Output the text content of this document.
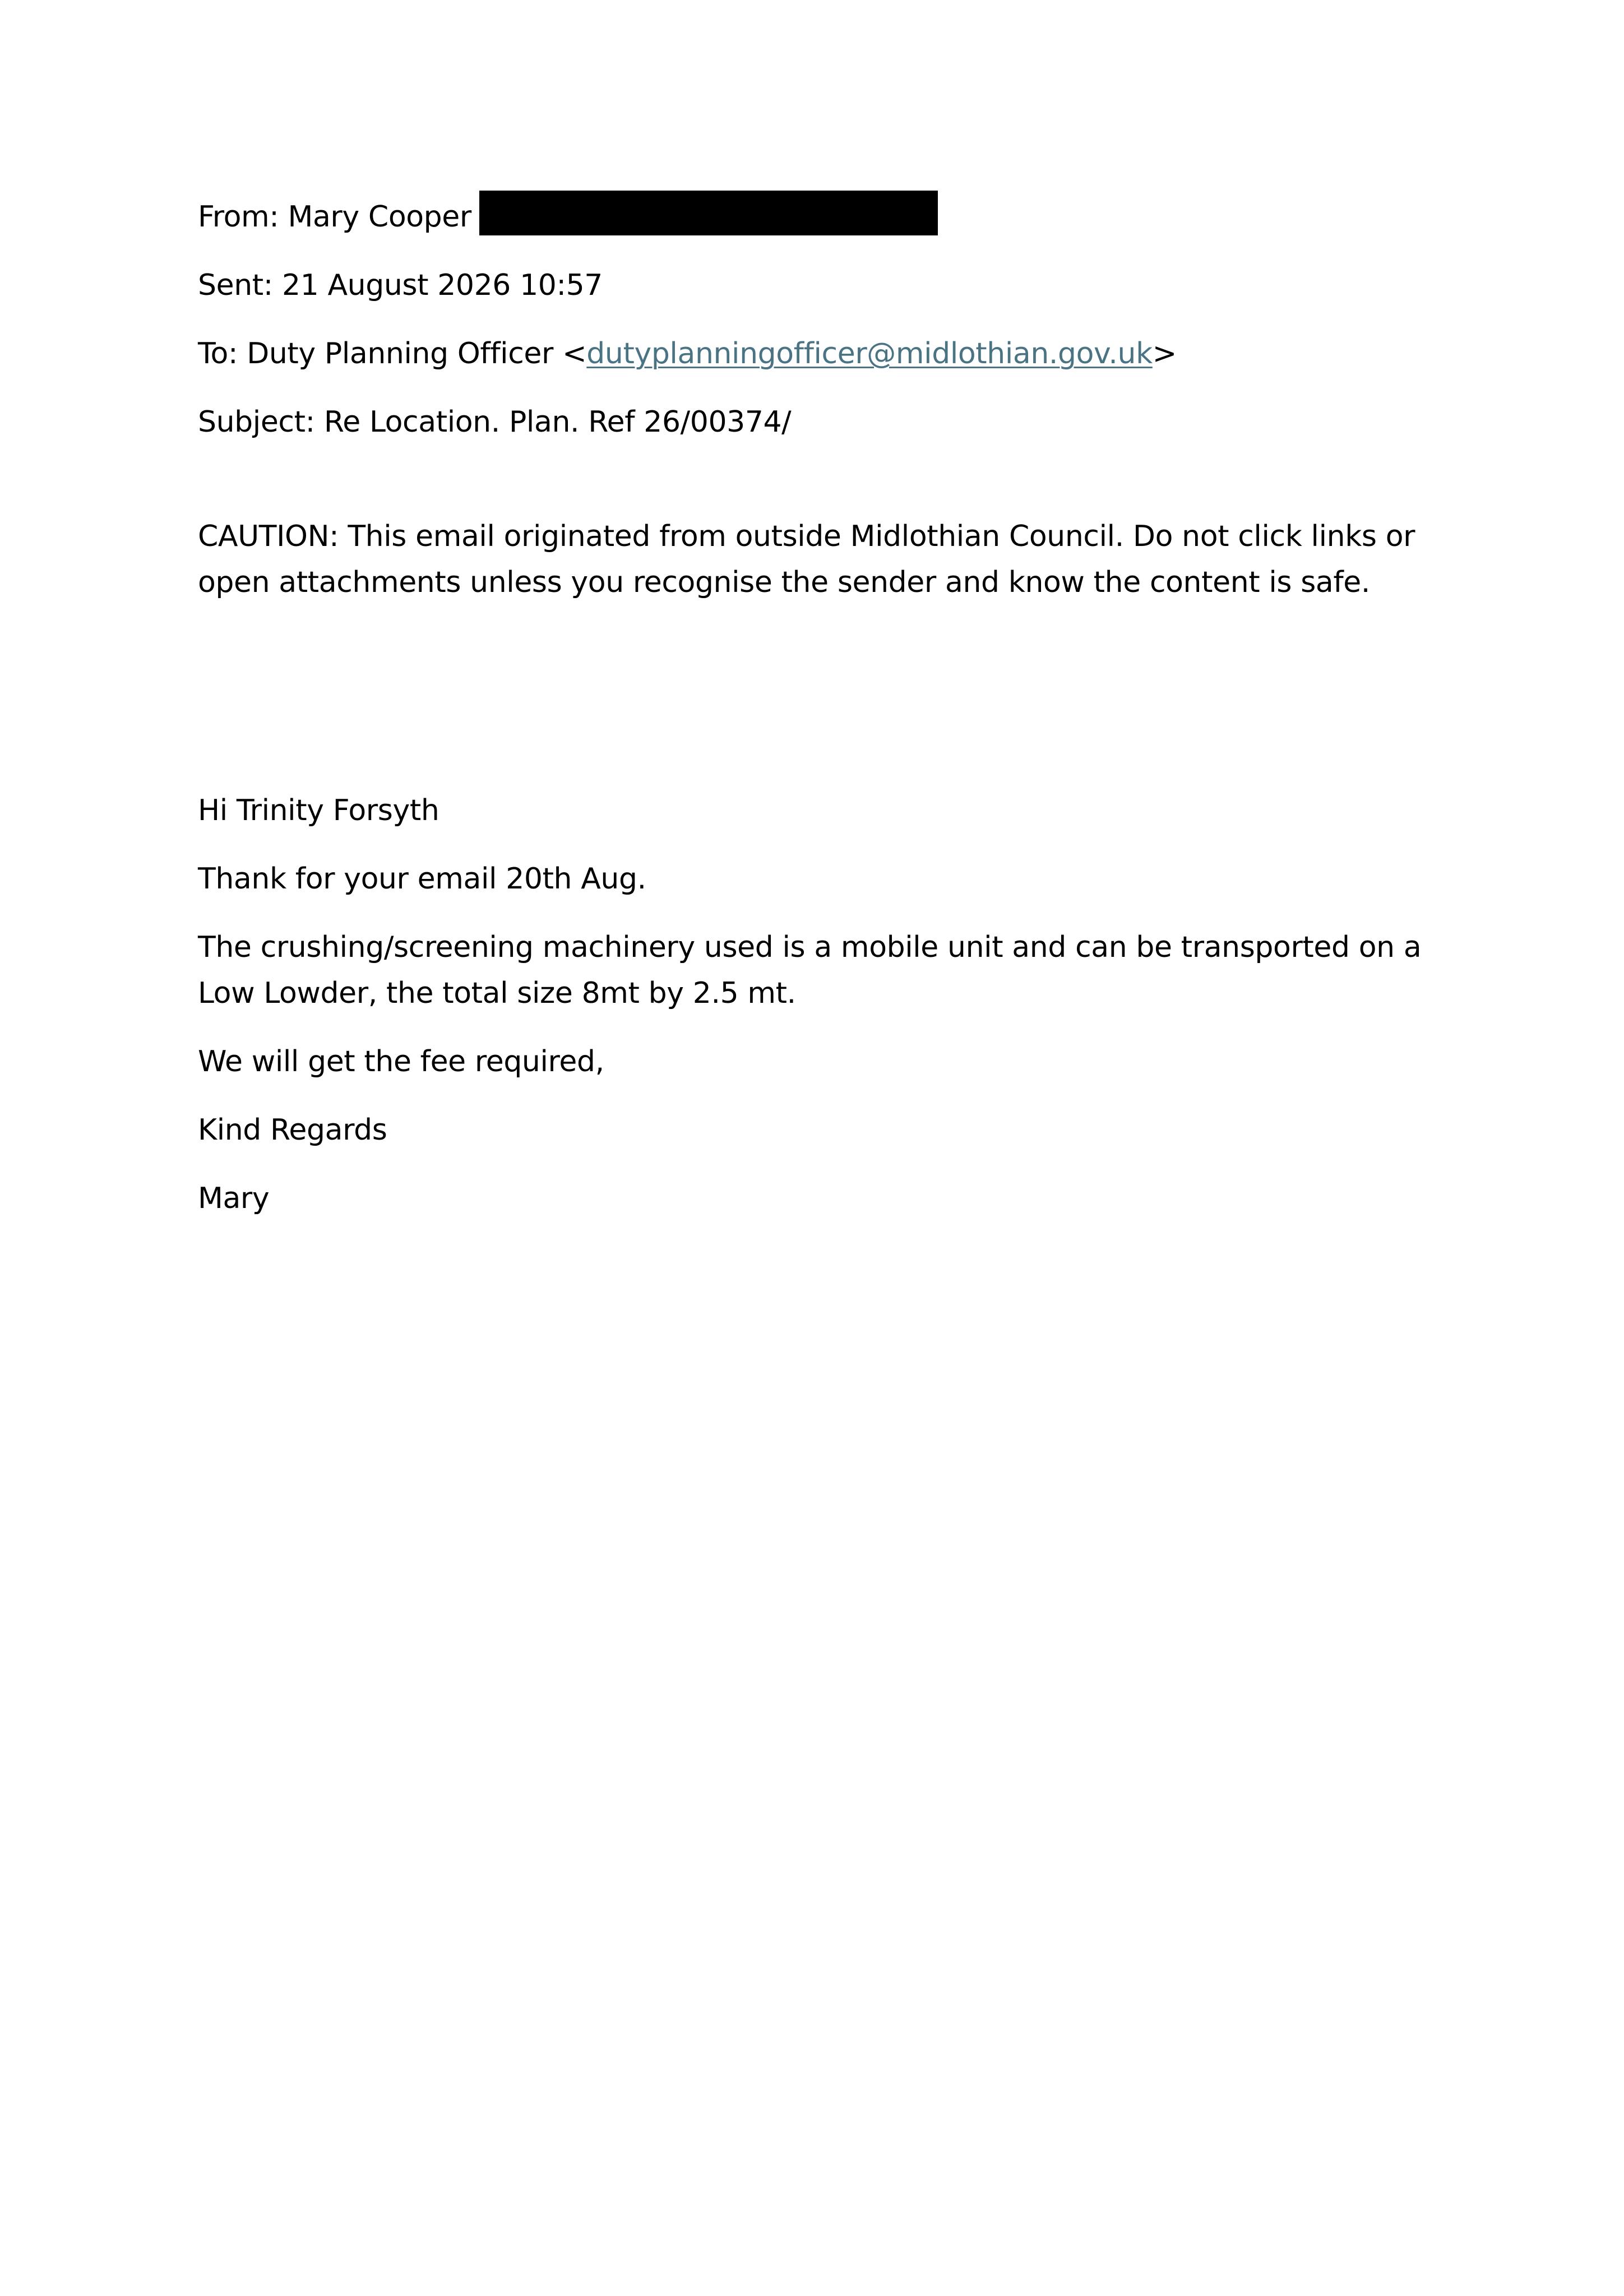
From: Mary Cooper
Sent: 21 August 2026 10:57
To: Duty Planning Officer <dutyplanningofficer@midlothian.gov.uk>
Subject: Re Location. Plan. Ref 26/00374/
CAUTION: This email originated from outside Midlothian Council. Do not click links or open attachments unless you recognise the sender and know the content is safe.
Hi Trinity Forsyth
Thank for your email 20th Aug.
The crushing/screening machinery used is a mobile unit and can be transported on a Low Lowder, the total size 8mt by 2.5 mt.
We will get the fee required,
Kind Regards
Mary
